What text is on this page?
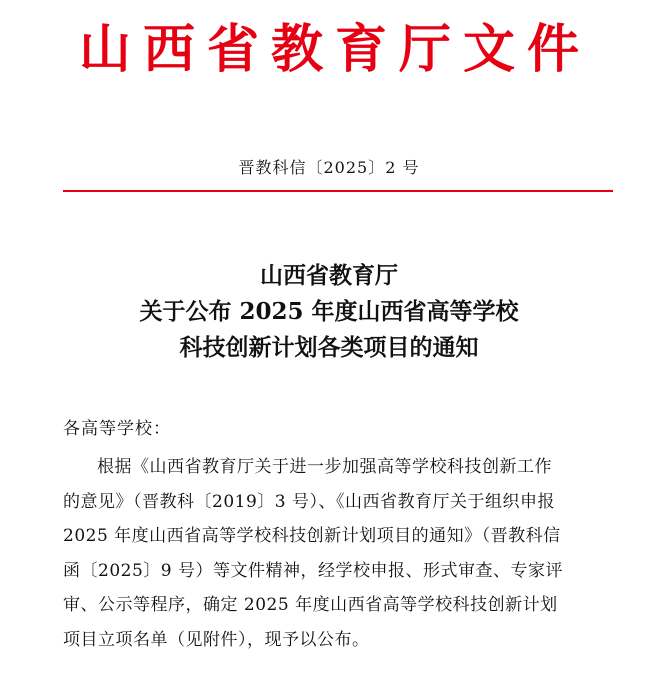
山西省教育厅文件
晋教科信〔2025〕2 号
山西省教育厅
关于公布 2025 年度山西省高等学校
科技创新计划各类项目的通知
各高等学校：
根据《山西省教育厅关于进一步加强高等学校科技创新工作
的意见》（晋教科〔2019〕3 号）、《山西省教育厅关于组织申报
2025 年度山西省高等学校科技创新计划项目的通知》（晋教科信
函〔2025〕9 号）等文件精神，经学校申报、形式审查、专家评
审、公示等程序，确定 2025 年度山西省高等学校科技创新计划
项目立项名单（见附件），现予以公布。
